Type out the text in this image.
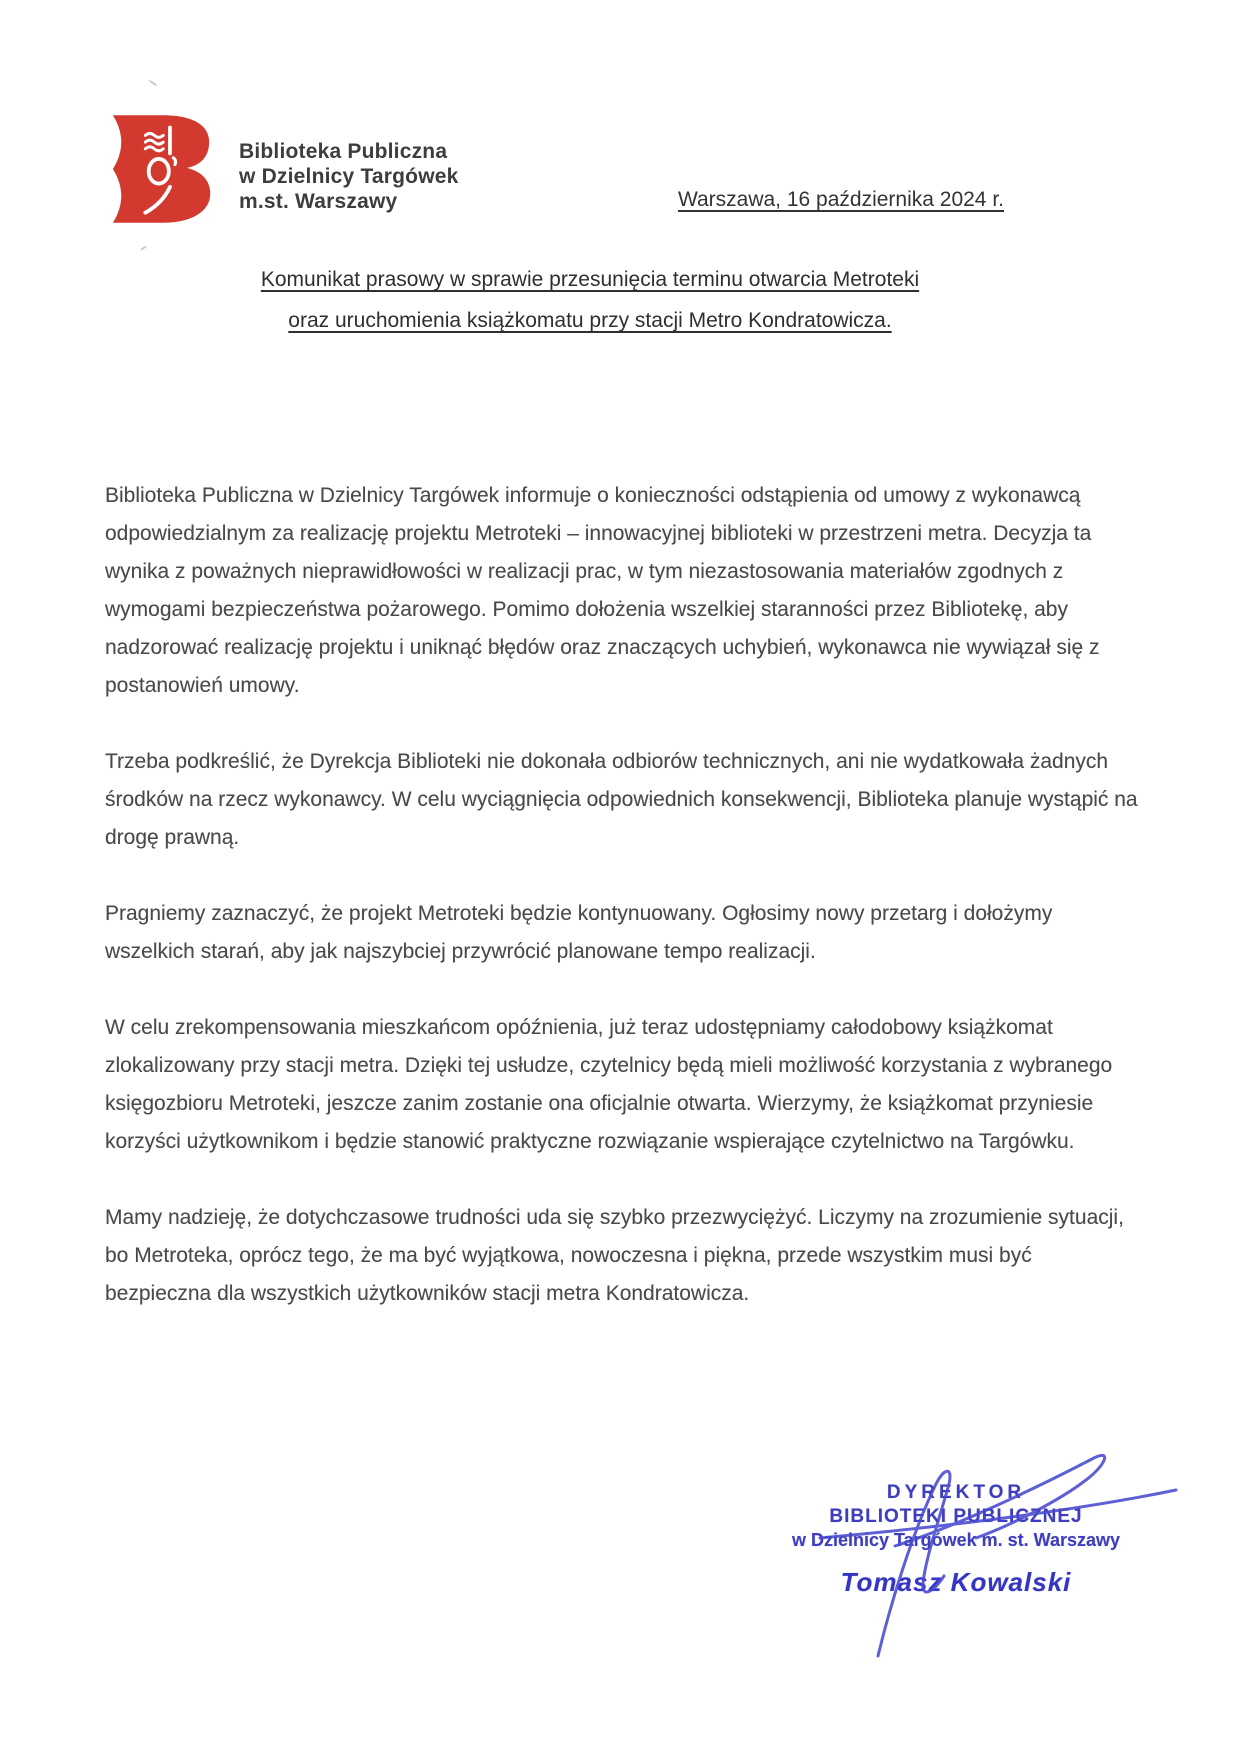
Biblioteka Publiczna
w Dzielnicy Targówek
m.st. Warszawy	Warszawa, 16 października 2024 r.
Komunikat prasowy w sprawie przesunięcia terminu otwarcia Metroteki
oraz uruchomienia książkomatu przy stacji Metro Kondratowicza.

Biblioteka Publiczna w Dzielnicy Targówek informuje o konieczności odstąpienia od umowy z wykonawcą odpowiedzialnym za realizację projektu Metroteki – innowacyjnej biblioteki w przestrzeni metra. Decyzja ta wynika z poważnych nieprawidłowości w realizacji prac, w tym niezastosowania materiałów zgodnych z wymogami bezpieczeństwa pożarowego. Pomimo dołożenia wszelkiej staranności przez Bibliotekę, aby nadzorować realizację projektu i uniknąć błędów oraz znaczących uchybień, wykonawca nie wywiązał się z postanowień umowy.

Trzeba podkreślić, że Dyrekcja Biblioteki nie dokonała odbiorów technicznych, ani nie wydatkowała żadnych środków na rzecz wykonawcy. W celu wyciągnięcia odpowiednich konsekwencji, Biblioteka planuje wystąpić na drogę prawną.

Pragniemy zaznaczyć, że projekt Metroteki będzie kontynuowany. Ogłosimy nowy przetarg i dołożymy wszelkich starań, aby jak najszybciej przywrócić planowane tempo realizacji.

W celu zrekompensowania mieszkańcom opóźnienia, już teraz udostępniamy całodobowy książkomat zlokalizowany przy stacji metra. Dzięki tej usłudze, czytelnicy będą mieli możliwość korzystania z wybranego księgozbioru Metroteki, jeszcze zanim zostanie ona oficjalnie otwarta. Wierzymy, że książkomat przyniesie korzyści użytkownikom i będzie stanowić praktyczne rozwiązanie wspierające czytelnictwo na Targówku.

Mamy nadzieję, że dotychczasowe trudności uda się szybko przezwyciężyć. Liczymy na zrozumienie sytuacji, bo Metroteka, oprócz tego, że ma być wyjątkowa, nowoczesna i piękna, przede wszystkim musi być bezpieczna dla wszystkich użytkowników stacji metra Kondratowicza.

DYREKTOR
BIBLIOTEKI PUBLICZNEJ
w Dzielnicy Targówek m. st. Warszawy
Tomasz Kowalski
